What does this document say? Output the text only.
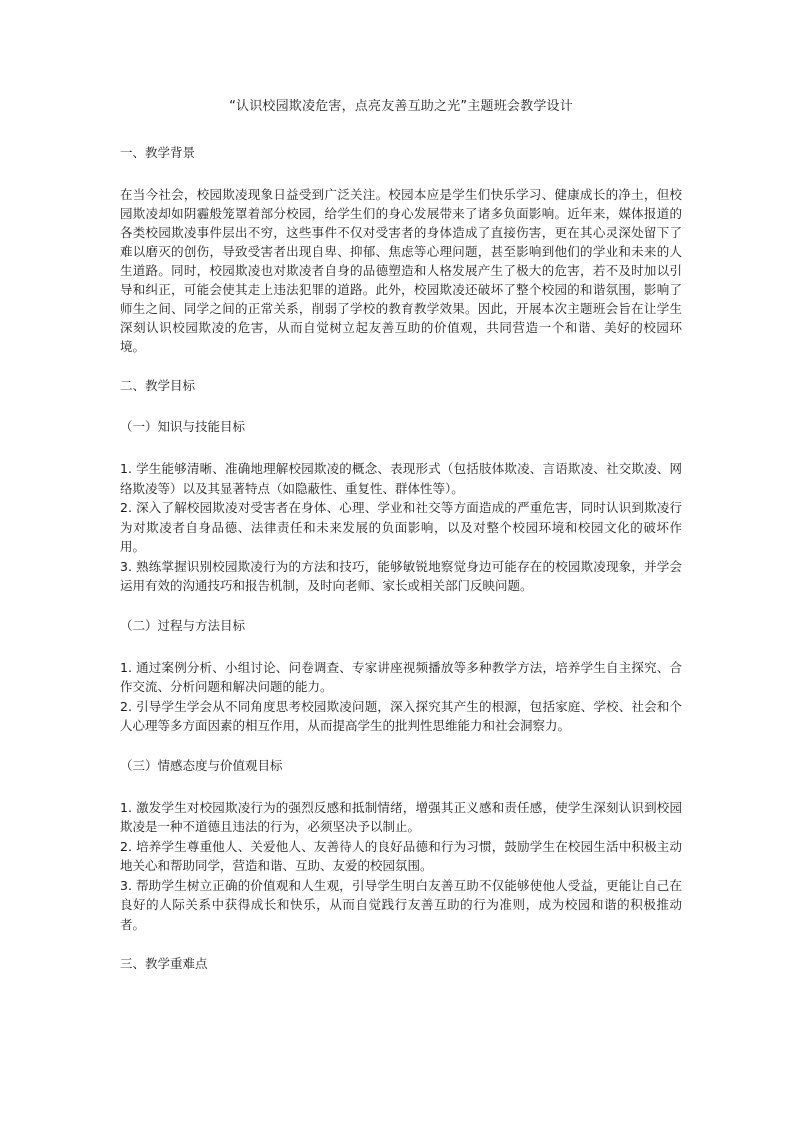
“认识校园欺凌危害，点亮友善互助之光”主题班会教学设计
一、教学背景
在当今社会，校园欺凌现象日益受到广泛关注。校园本应是学生们快乐学习、健康成长的净土，但校园欺凌却如阴霾般笼罩着部分校园，给学生们的身心发展带来了诸多负面影响。近年来，媒体报道的各类校园欺凌事件层出不穷，这些事件不仅对受害者的身体造成了直接伤害，更在其心灵深处留下了难以磨灭的创伤，导致受害者出现自卑、抑郁、焦虑等心理问题，甚至影响到他们的学业和未来的人生道路。同时，校园欺凌也对欺凌者自身的品德塑造和人格发展产生了极大的危害，若不及时加以引导和纠正，可能会使其走上违法犯罪的道路。此外，校园欺凌还破坏了整个校园的和谐氛围，影响了师生之间、同学之间的正常关系，削弱了学校的教育教学效果。因此，开展本次主题班会旨在让学生深刻认识校园欺凌的危害，从而自觉树立起友善互助的价值观，共同营造一个和谐、美好的校园环境。
二、教学目标
（一）知识与技能目标

1. 学生能够清晰、准确地理解校园欺凌的概念、表现形式（包括肢体欺凌、言语欺凌、社交欺凌、网络欺凌等）以及其显著特点（如隐蔽性、重复性、群体性等）。

2. 深入了解校园欺凌对受害者在身体、心理、学业和社交等方面造成的严重危害，同时认识到欺凌行为对欺凌者自身品德、法律责任和未来发展的负面影响，以及对整个校园环境和校园文化的破坏作用。

3. 熟练掌握识别校园欺凌行为的方法和技巧，能够敏锐地察觉身边可能存在的校园欺凌现象，并学会运用有效的沟通技巧和报告机制，及时向老师、家长或相关部门反映问题。

（二）过程与方法目标

1. 通过案例分析、小组讨论、问卷调查、专家讲座视频播放等多种教学方法，培养学生自主探究、合作交流、分析问题和解决问题的能力。

2. 引导学生学会从不同角度思考校园欺凌问题，深入探究其产生的根源，包括家庭、学校、社会和个人心理等多方面因素的相互作用，从而提高学生的批判性思维能力和社会洞察力。

（三）情感态度与价值观目标

1. 激发学生对校园欺凌行为的强烈反感和抵制情绪，增强其正义感和责任感，使学生深刻认识到校园欺凌是一种不道德且违法的行为，必须坚决予以制止。

2. 培养学生尊重他人、关爱他人、友善待人的良好品德和行为习惯，鼓励学生在校园生活中积极主动地关心和帮助同学，营造和谐、互助、友爱的校园氛围。

3. 帮助学生树立正确的价值观和人生观，引导学生明白友善互助不仅能够使他人受益，更能让自己在良好的人际关系中获得成长和快乐，从而自觉践行友善互助的行为准则，成为校园和谐的积极推动者。

三、教学重难点
